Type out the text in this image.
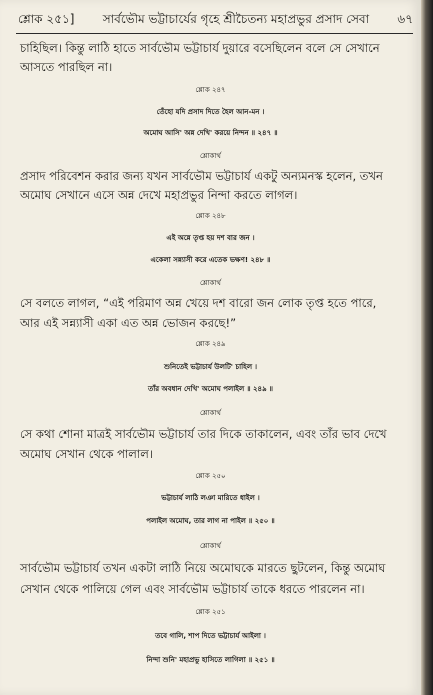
শ্লোক ২৫১]	সার্বভৌম ভট্টাচার্যের গৃহে শ্রীচৈতন্য মহাপ্রভুর প্রসাদ সেবা	৬৭
চাহিছিল। কিন্তু লাঠি হাতে সার্বভৌম ভট্টাচার্য দুয়ারে বসেছিলেন বলে সে সেখানে
আসতে পারছিল না।
শ্লোক ২৪৭
তেঁহো যদি প্রসাদ দিতে হৈল আন-মন ।
অমোঘ আসি' অন্ন দেখি' করয়ে নিন্দন ॥ ২৪৭ ॥
শ্লোকার্থ
প্রসাদ পরিবেশন করার জন্য যখন সার্বভৌম ভট্টাচার্য একটু অন্যমনস্ক হলেন, তখন
অমোঘ সেখানে এসে অন্ন দেখে মহাপ্রভুর নিন্দা করতে লাগল।
শ্লোক ২৪৮
এই অন্নে তৃপ্ত হয় দশ বার জন ।
একেলা সন্ন্যাসী করে এতেক ভক্ষণ! ২৪৮ ॥
শ্লোকার্থ
সে বলতে লাগল, “এই পরিমাণ অন্ন খেয়ে দশ বারো জন লোক তৃপ্ত হতে পারে,
আর এই সন্ন্যাসী একা এত অন্ন ভোজন করছে!”
শ্লোক ২৪৯
শুনিতেই ভট্টাচার্য উলটি' চাহিল ।
তাঁর অবধান দেখি' অমোঘ পলাইল ॥ ২৪৯ ॥
শ্লোকার্থ
সে কথা শোনা মাত্রই সার্বভৌম ভট্টাচার্য তার দিকে তাকালেন, এবং তাঁর ভাব দেখে
অমোঘ সেখান থেকে পালাল।
শ্লোক ২৫০
ভট্টাচার্য লাঠি লঞা মারিতে ধাইল ।
পলাইল অমোঘ, তার লাগ না পাইল ॥ ২৫০ ॥
শ্লোকার্থ
সার্বভৌম ভট্টাচার্য তখন একটা লাঠি নিয়ে অমোঘকে মারতে ছুটলেন, কিন্তু অমোঘ
সেখান থেকে পালিয়ে গেল এবং সার্বভৌম ভট্টাচার্য তাকে ধরতে পারলেন না।
শ্লোক ২৫১
তবে গালি, শাপ দিতে ভট্টাচার্য আইলা ।
নিন্দা শুনি' মহাপ্রভু হাসিতে লাগিলা ॥ ২৫১ ॥
